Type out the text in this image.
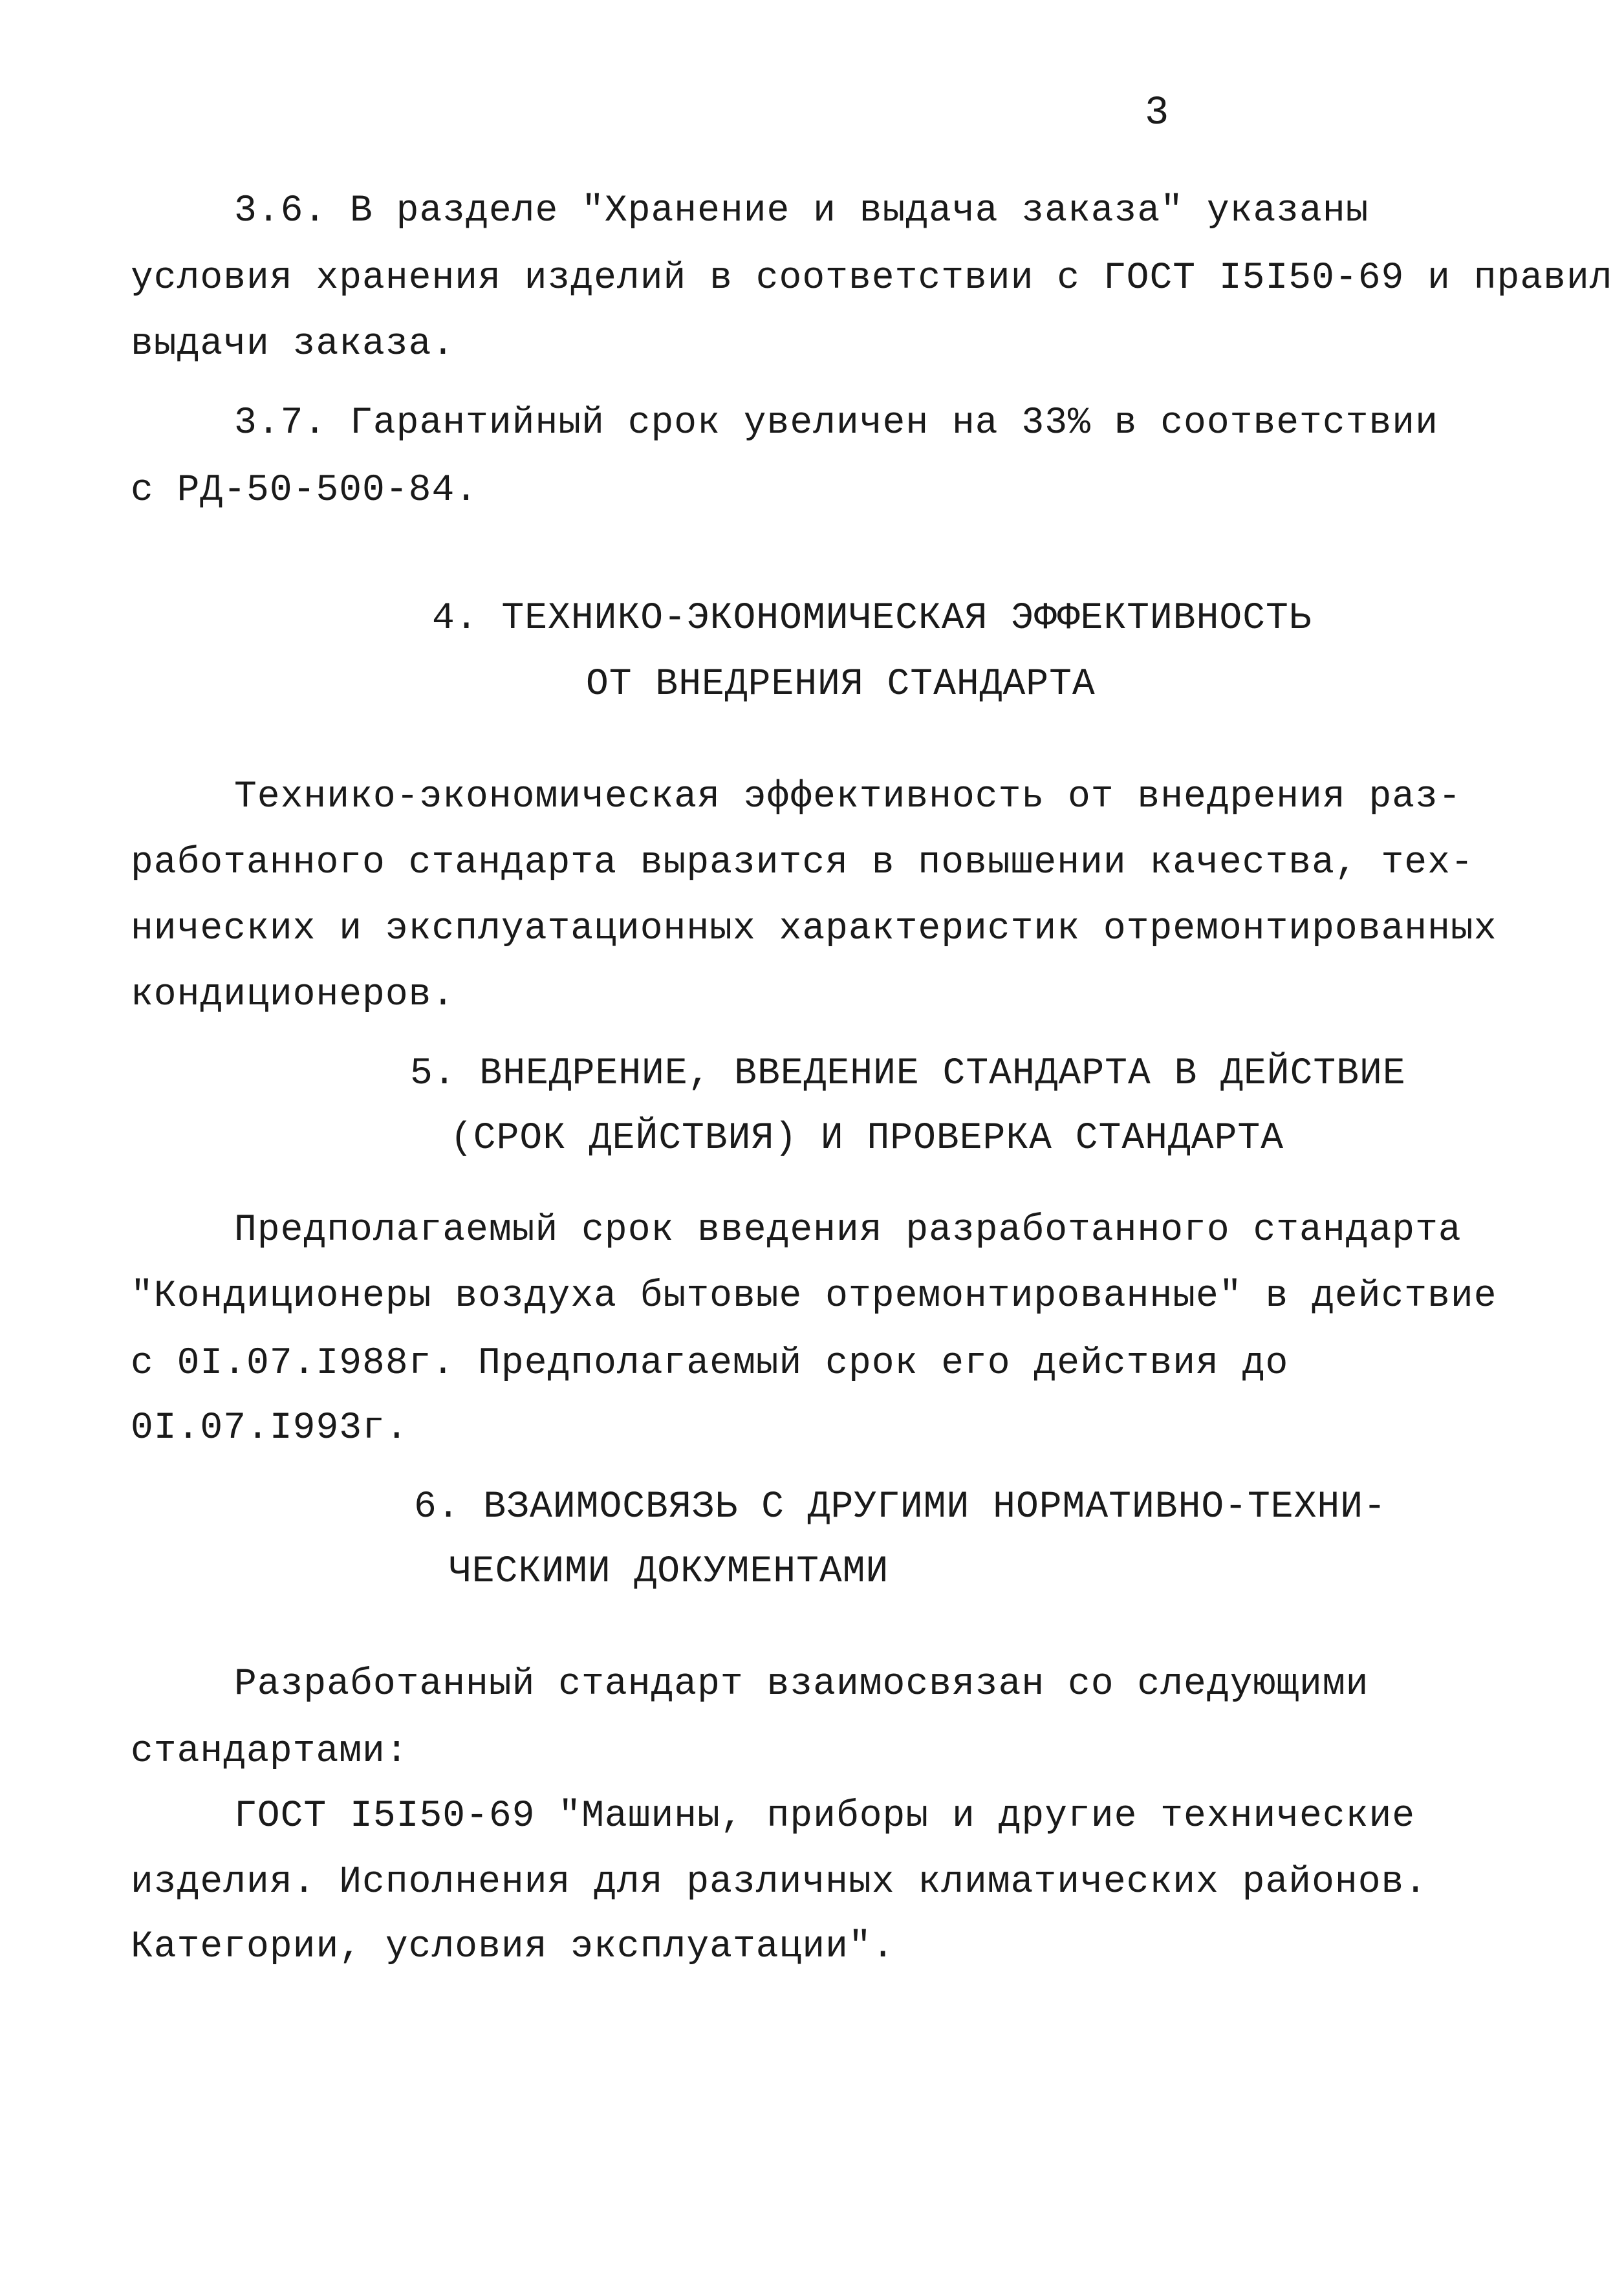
3
3.6. В разделе "Хранение и выдача заказа" указаны
условия хранения изделий в соответствии с ГОСТ I5I50-69 и правил
выдачи заказа.
3.7. Гарантийный срок увеличен на 33% в соответствии
с РД-50-500-84.
4. ТЕХНИКО-ЭКОНОМИЧЕСКАЯ ЭФФЕКТИВНОСТЬ
ОТ ВНЕДРЕНИЯ СТАНДАРТА
Технико-экономическая эффективность от внедрения раз-
работанного стандарта выразится в повышении качества, тех-
нических и эксплуатационных характеристик отремонтированных
кондиционеров.
5. ВНЕДРЕНИЕ, ВВЕДЕНИЕ СТАНДАРТА В ДЕЙСТВИЕ
(СРОК ДЕЙСТВИЯ) И ПРОВЕРКА СТАНДАРТА
Предполагаемый срок введения разработанного стандарта
"Кондиционеры воздуха бытовые отремонтированные" в действие
с 0I.07.I988г. Предполагаемый срок его действия до
0I.07.I993г.
6. ВЗАИМОСВЯЗЬ С ДРУГИМИ НОРМАТИВНО-ТЕХНИ-
ЧЕСКИМИ ДОКУМЕНТАМИ
Разработанный стандарт взаимосвязан со следующими
стандартами:
ГОСТ I5I50-69 "Машины, приборы и другие технические
изделия. Исполнения для различных климатических районов.
Категории, условия эксплуатации".
